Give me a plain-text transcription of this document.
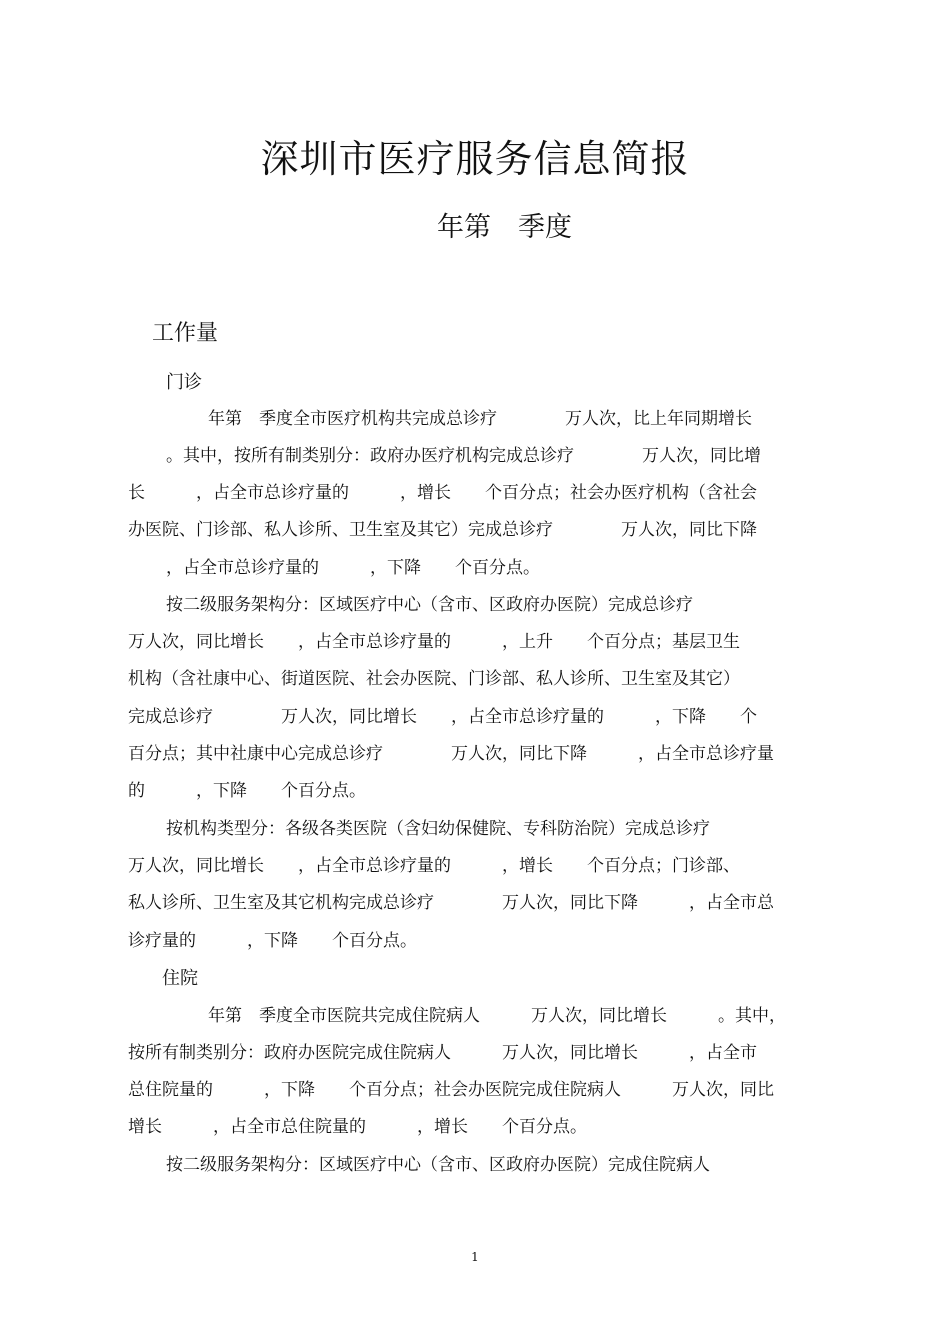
深圳市医疗服务信息简报
年第　季度
工作量
门诊
年第　季度全市医疗机构共完成总诊疗　　　　万人次，比上年同期增长
。其中，按所有制类别分：政府办医疗机构完成总诊疗　　　　万人次，同比增
长　　　，占全市总诊疗量的　　　，增长　　个百分点；社会办医疗机构（含社会
办医院、门诊部、私人诊所、卫生室及其它）完成总诊疗　　　　万人次，同比下降
，占全市总诊疗量的　　　，下降　　个百分点。
按二级服务架构分：区域医疗中心（含市、区政府办医院）完成总诊疗
万人次，同比增长　　，占全市总诊疗量的　　　，上升　　个百分点；基层卫生
机构（含社康中心、街道医院、社会办医院、门诊部、私人诊所、卫生室及其它）
完成总诊疗　　　　万人次，同比增长　　，占全市总诊疗量的　　　，下降　　个
百分点；其中社康中心完成总诊疗　　　　万人次，同比下降　　　，占全市总诊疗量
的　　　，下降　　个百分点。
按机构类型分：各级各类医院（含妇幼保健院、专科防治院）完成总诊疗
万人次，同比增长　　，占全市总诊疗量的　　　，增长　　个百分点；门诊部、
私人诊所、卫生室及其它机构完成总诊疗　　　　万人次，同比下降　　　，占全市总
诊疗量的　　　，下降　　个百分点。
住院
年第　季度全市医院共完成住院病人　　　万人次，同比增长　　　。其中，
按所有制类别分：政府办医院完成住院病人　　　万人次，同比增长　　　，占全市
总住院量的　　　，下降　　个百分点；社会办医院完成住院病人　　　万人次，同比
增长　　　，占全市总住院量的　　　，增长　　个百分点。
按二级服务架构分：区域医疗中心（含市、区政府办医院）完成住院病人
1
